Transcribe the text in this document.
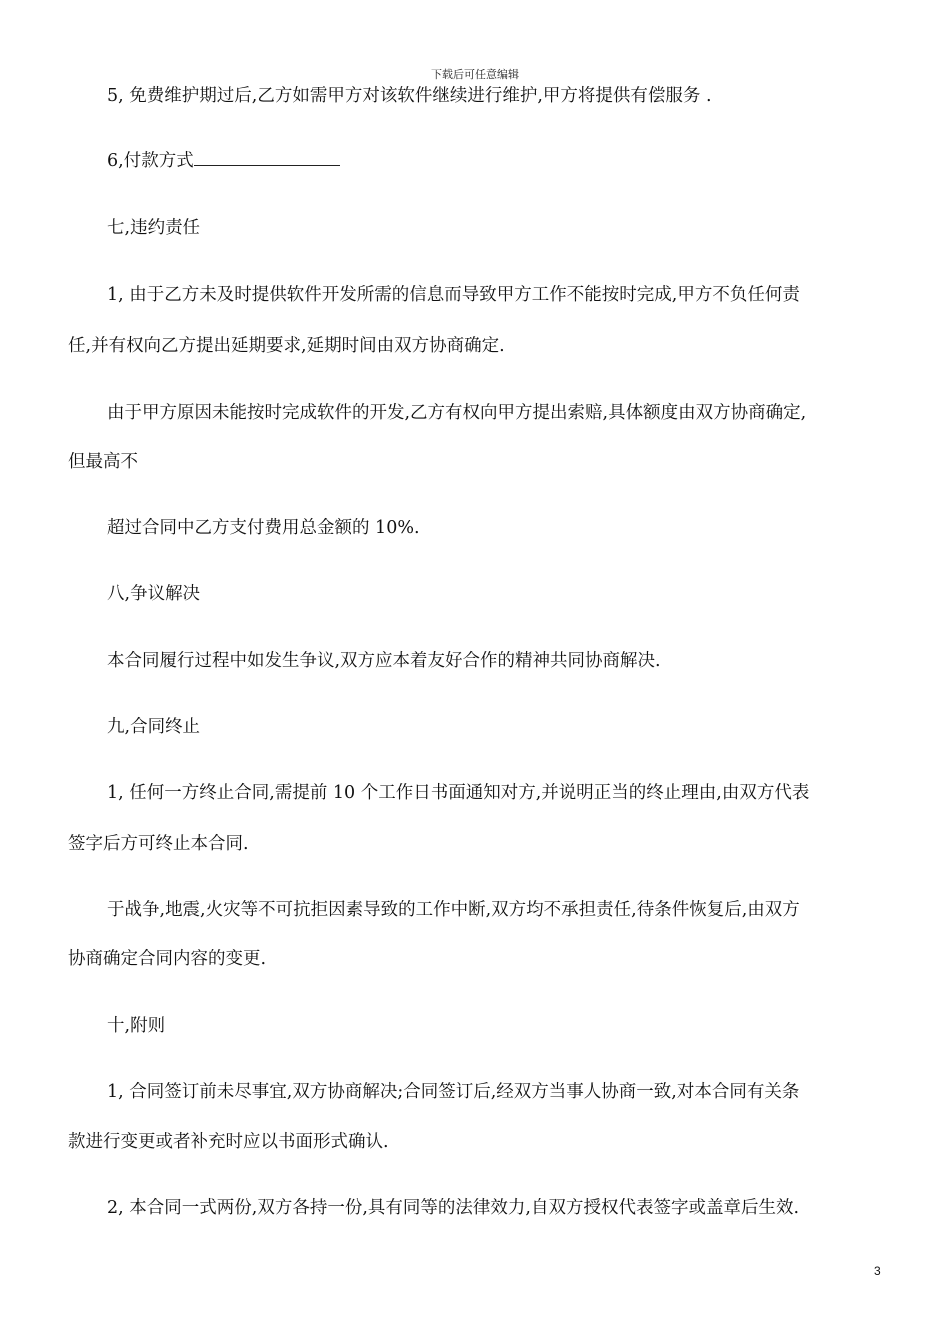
下载后可任意编辑

5, 免费维护期过后,乙方如需甲方对该软件继续进行维护,甲方将提供有偿服务 .

6,付款方式

七,违约责任

1, 由于乙方未及时提供软件开发所需的信息而导致甲方工作不能按时完成,甲方不负任何责

任,并有权向乙方提出延期要求,延期时间由双方协商确定.

由于甲方原因未能按时完成软件的开发,乙方有权向甲方提出索赔,具体额度由双方协商确定,

但最高不

超过合同中乙方支付费用总金额的 10%.

八,争议解决

本合同履行过程中如发生争议,双方应本着友好合作的精神共同协商解决.

九,合同终止

1, 任何一方终止合同,需提前 10 个工作日书面通知对方,并说明正当的终止理由,由双方代表

签字后方可终止本合同.

于战争,地震,火灾等不可抗拒因素导致的工作中断,双方均不承担责任,待条件恢复后,由双方

协商确定合同内容的变更.

十,附则

1, 合同签订前未尽事宜,双方协商解决;合同签订后,经双方当事人协商一致,对本合同有关条

款进行变更或者补充时应以书面形式确认.

2, 本合同一式两份,双方各持一份,具有同等的法律效力,自双方授权代表签字或盖章后生效.

3
